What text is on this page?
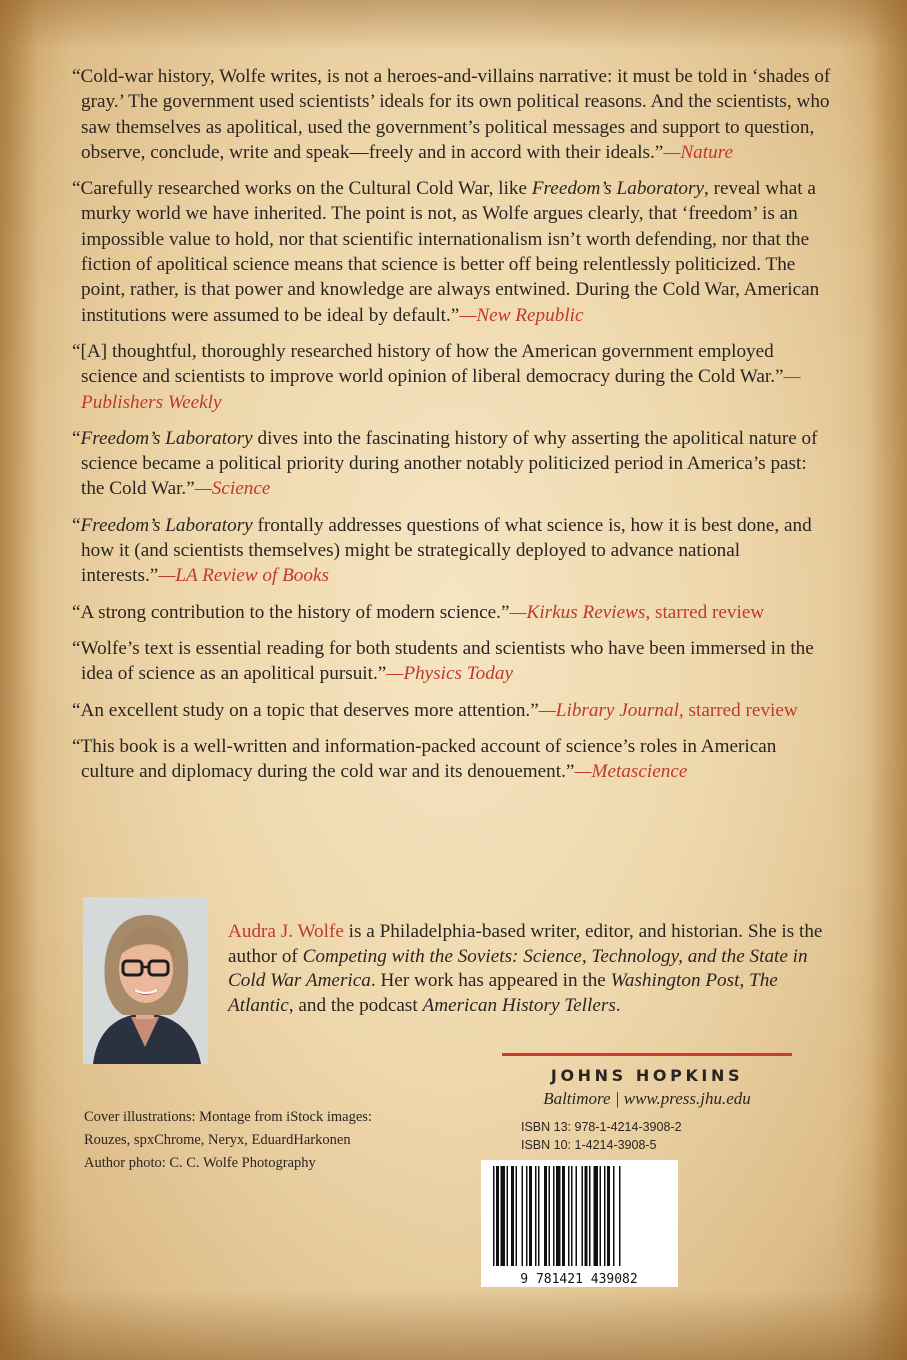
“Cold-war history, Wolfe writes, is not a heroes-and-villains narrative: it must be told in ‘shades of gray.’ The government used scientists’ ideals for its own political reasons. And the scientists, who saw themselves as apolitical, used the government’s political messages and support to question, observe, conclude, write and speak—freely and in accord with their ideals.”—Nature

“Carefully researched works on the Cultural Cold War, like Freedom’s Laboratory, reveal what a murky world we have inherited. The point is not, as Wolfe argues clearly, that ‘freedom’ is an impossible value to hold, nor that scientific internationalism isn’t worth defending, nor that the fiction of apolitical science means that science is better off being relentlessly politicized. The point, rather, is that power and knowledge are always entwined. During the Cold War, American institutions were assumed to be ideal by default.”—New Republic

“[A] thoughtful, thoroughly researched history of how the American government employed science and scientists to improve world opinion of liberal democracy during the Cold War.”—Publishers Weekly

“Freedom’s Laboratory dives into the fascinating history of why asserting the apolitical nature of science became a political priority during another notably politicized period in America’s past: the Cold War.”—Science

“Freedom’s Laboratory frontally addresses questions of what science is, how it is best done, and how it (and scientists themselves) might be strategically deployed to advance national interests.”—LA Review of Books

“A strong contribution to the history of modern science.”—Kirkus Reviews, starred review

“Wolfe’s text is essential reading for both students and scientists who have been immersed in the idea of science as an apolitical pursuit.”—Physics Today

“An excellent study on a topic that deserves more attention.”—Library Journal, starred review

“This book is a well-written and information-packed account of science’s roles in American culture and diplomacy during the cold war and its denouement.”—Metascience

Audra J. Wolfe is a Philadelphia-based writer, editor, and historian. She is the author of Competing with the Soviets: Science, Technology, and the State in Cold War America. Her work has appeared in the Washington Post, The Atlantic, and the podcast American History Tellers.
JOHNS HOPKINS
Baltimore | www.press.jhu.edu
ISBN 13: 978-1-4214-3908-2
ISBN 10: 1-4214-3908-5
9 781421 439082
Cover illustrations: Montage from iStock images:
Rouzes, spxChrome, Neryx, EduardHarkonen
Author photo: C. C. Wolfe Photography
